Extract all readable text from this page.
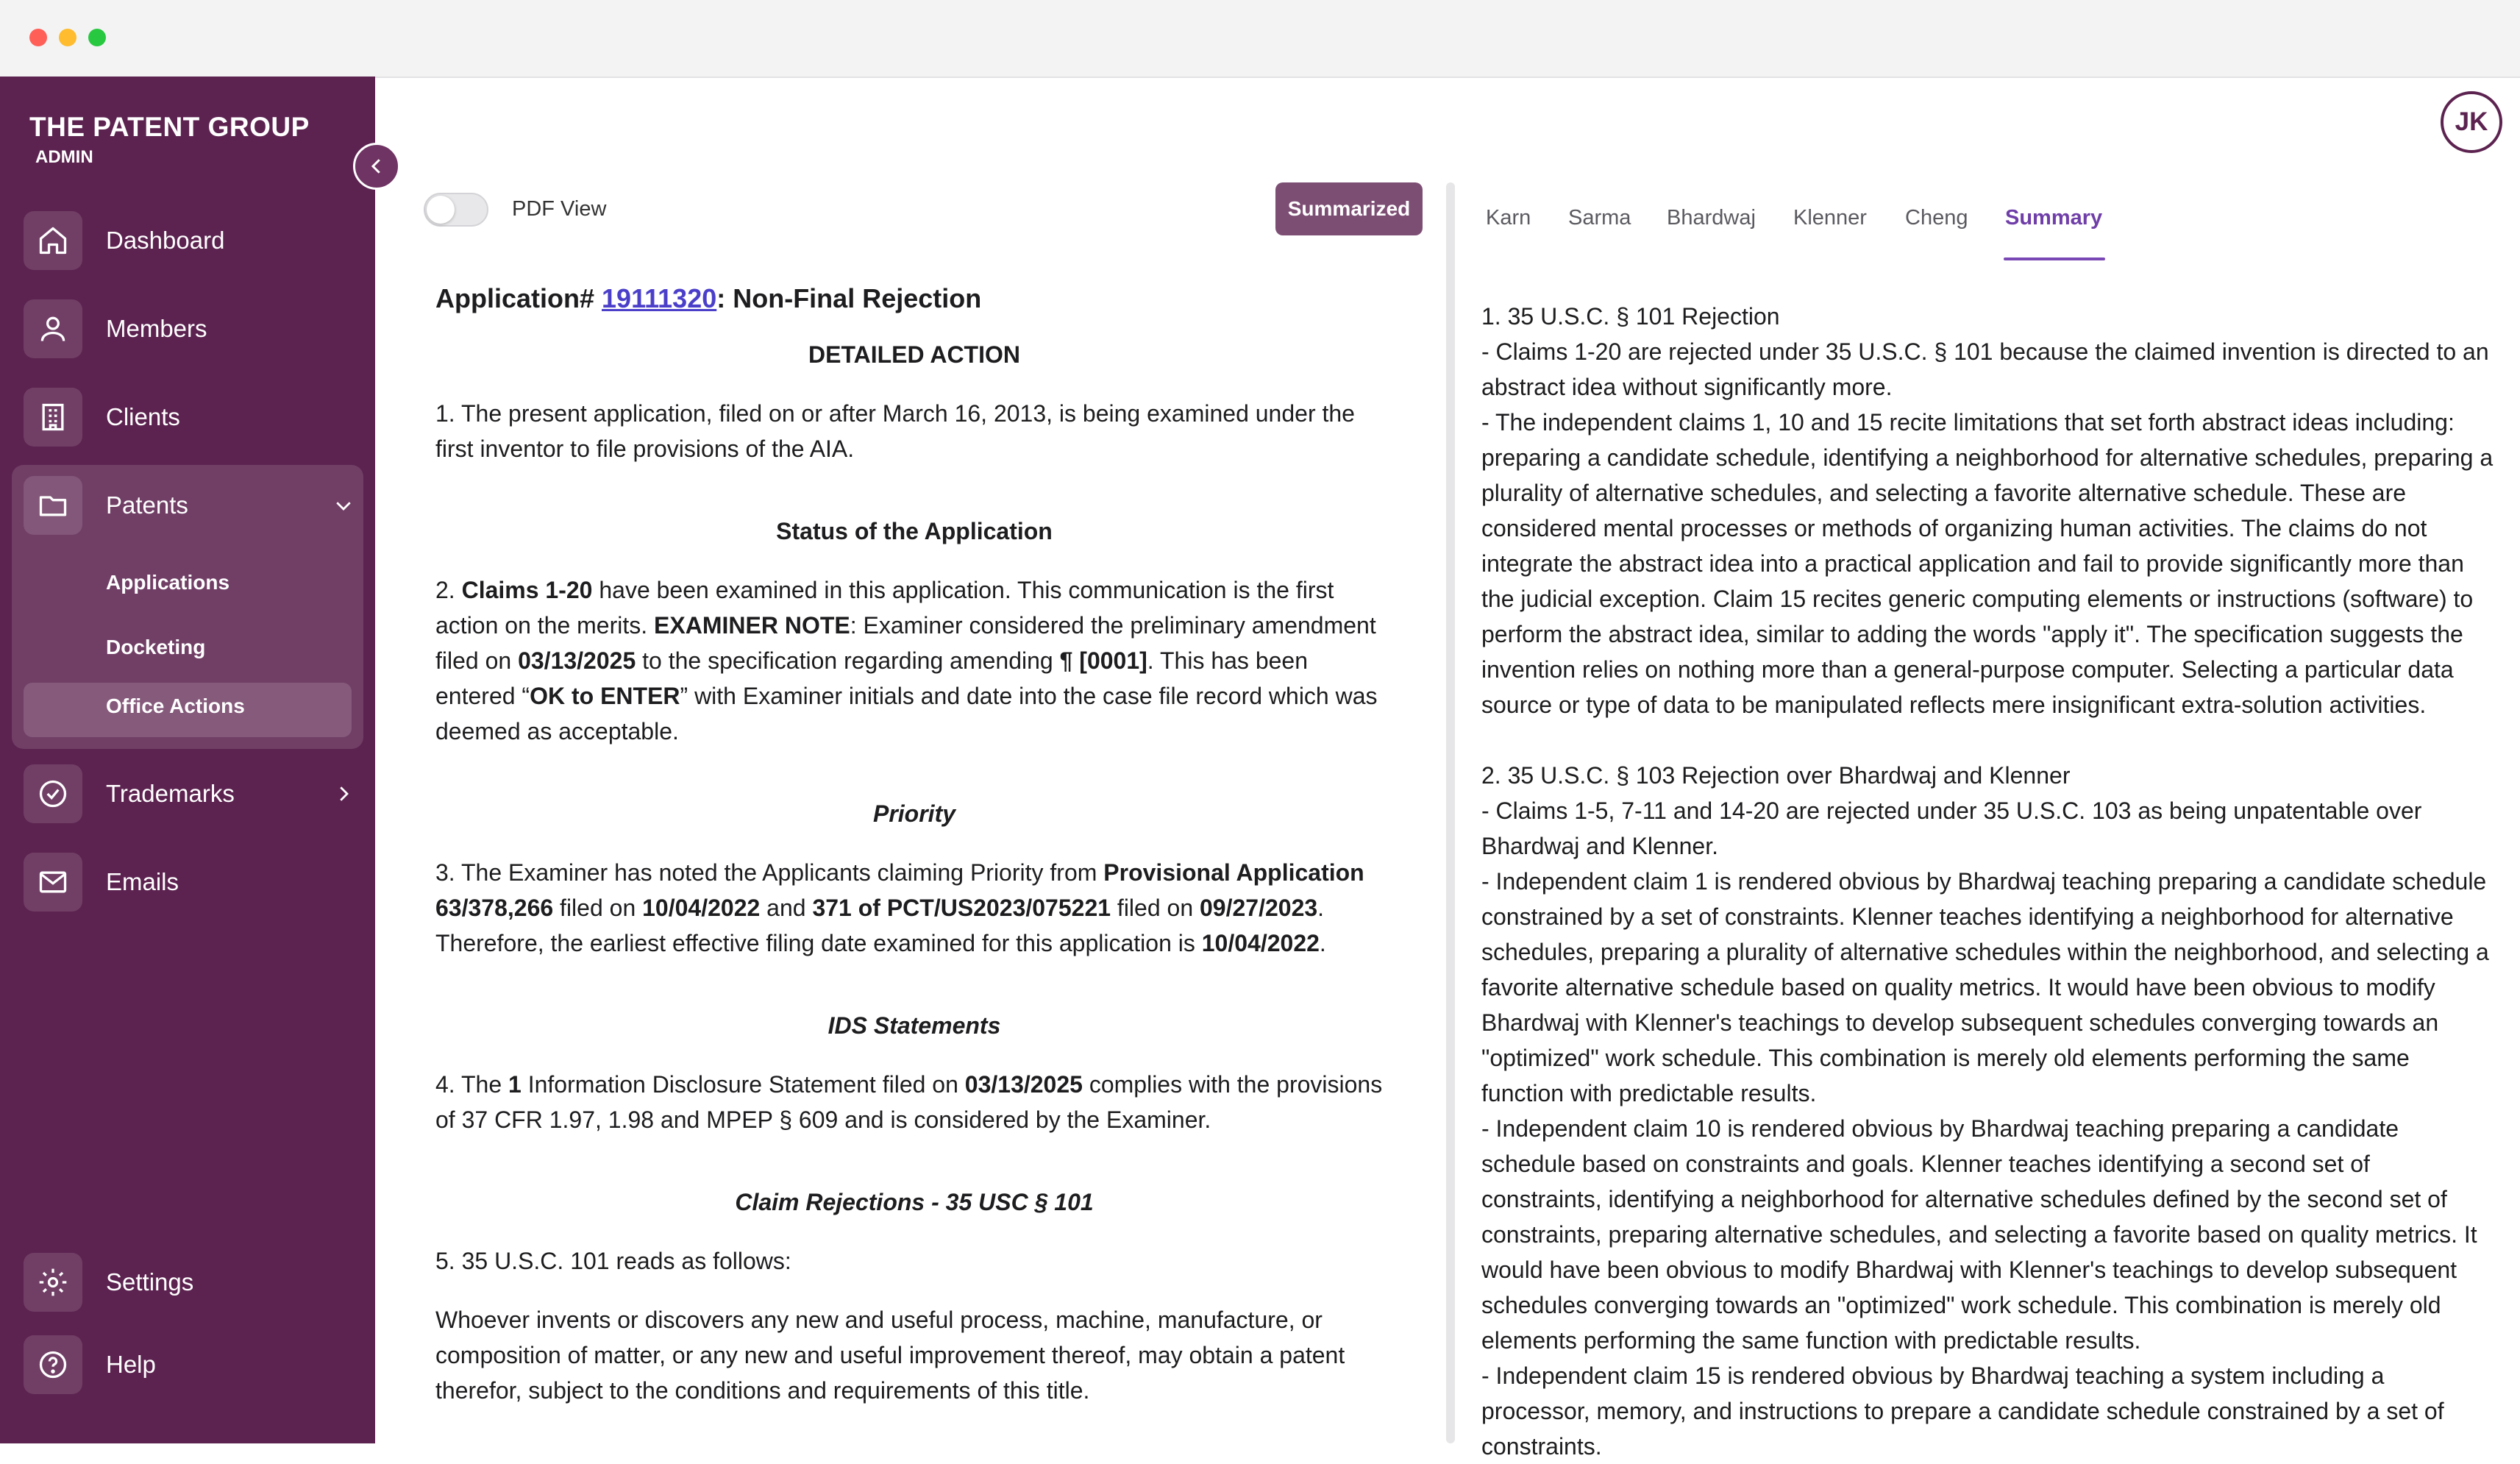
THE PATENT GROUP
ADMIN
Dashboard
Members
Clients
Patents
Applications
Docketing
Office Actions
Trademarks
Emails
Settings
Help
JK
PDF View	Summarized

Application# 19111320: Non-Final Rejection

DETAILED ACTION

1. The present application, filed on or after March 16, 2013, is being examined under the first inventor to file provisions of the AIA.

Status of the Application

2. Claims 1-20 have been examined in this application. This communication is the first action on the merits. EXAMINER NOTE: Examiner considered the preliminary amendment filed on 03/13/2025 to the specification regarding amending ¶ [0001]. This has been entered “OK to ENTER” with Examiner initials and date into the case file record which was deemed as acceptable.

Priority

3. The Examiner has noted the Applicants claiming Priority from Provisional Application 63/378,266 filed on 10/04/2022 and 371 of PCT/US2023/075221 filed on 09/27/2023. Therefore, the earliest effective filing date examined for this application is 10/04/2022.

IDS Statements

4. The 1 Information Disclosure Statement filed on 03/13/2025 complies with the provisions of 37 CFR 1.97, 1.98 and MPEP § 609 and is considered by the Examiner.

Claim Rejections - 35 USC § 101

5. 35 U.S.C. 101 reads as follows:

Whoever invents or discovers any new and useful process, machine, manufacture, or composition of matter, or any new and useful improvement thereof, may obtain a patent therefor, subject to the conditions and requirements of this title.

Karn Sarma Bhardwaj Klenner Cheng Summary

1. 35 U.S.C. § 101 Rejection

- Claims 1-20 are rejected under 35 U.S.C. § 101 because the claimed invention is directed to an abstract idea without significantly more.

- The independent claims 1, 10 and 15 recite limitations that set forth abstract ideas including: preparing a candidate schedule, identifying a neighborhood for alternative schedules, preparing a plurality of alternative schedules, and selecting a favorite alternative schedule. These are considered mental processes or methods of organizing human activities. The claims do not integrate the abstract idea into a practical application and fail to provide significantly more than the judicial exception. Claim 15 recites generic computing elements or instructions (software) to perform the abstract idea, similar to adding the words "apply it". The specification suggests the invention relies on nothing more than a general-purpose computer. Selecting a particular data source or type of data to be manipulated reflects mere insignificant extra-solution activities.

2. 35 U.S.C. § 103 Rejection over Bhardwaj and Klenner

- Claims 1-5, 7-11 and 14-20 are rejected under 35 U.S.C. 103 as being unpatentable over Bhardwaj and Klenner.

- Independent claim 1 is rendered obvious by Bhardwaj teaching preparing a candidate schedule constrained by a set of constraints. Klenner teaches identifying a neighborhood for alternative schedules, preparing a plurality of alternative schedules within the neighborhood, and selecting a favorite alternative schedule based on quality metrics. It would have been obvious to modify Bhardwaj with Klenner's teachings to develop subsequent schedules converging towards an "optimized" work schedule. This combination is merely old elements performing the same function with predictable results.

- Independent claim 10 is rendered obvious by Bhardwaj teaching preparing a candidate schedule based on constraints and goals. Klenner teaches identifying a second set of constraints, identifying a neighborhood for alternative schedules defined by the second set of constraints, preparing alternative schedules, and selecting a favorite based on quality metrics. It would have been obvious to modify Bhardwaj with Klenner's teachings to develop subsequent schedules converging towards an "optimized" work schedule. This combination is merely old elements performing the same function with predictable results.

- Independent claim 15 is rendered obvious by Bhardwaj teaching a system including a processor, memory, and instructions to prepare a candidate schedule constrained by a set of constraints.
